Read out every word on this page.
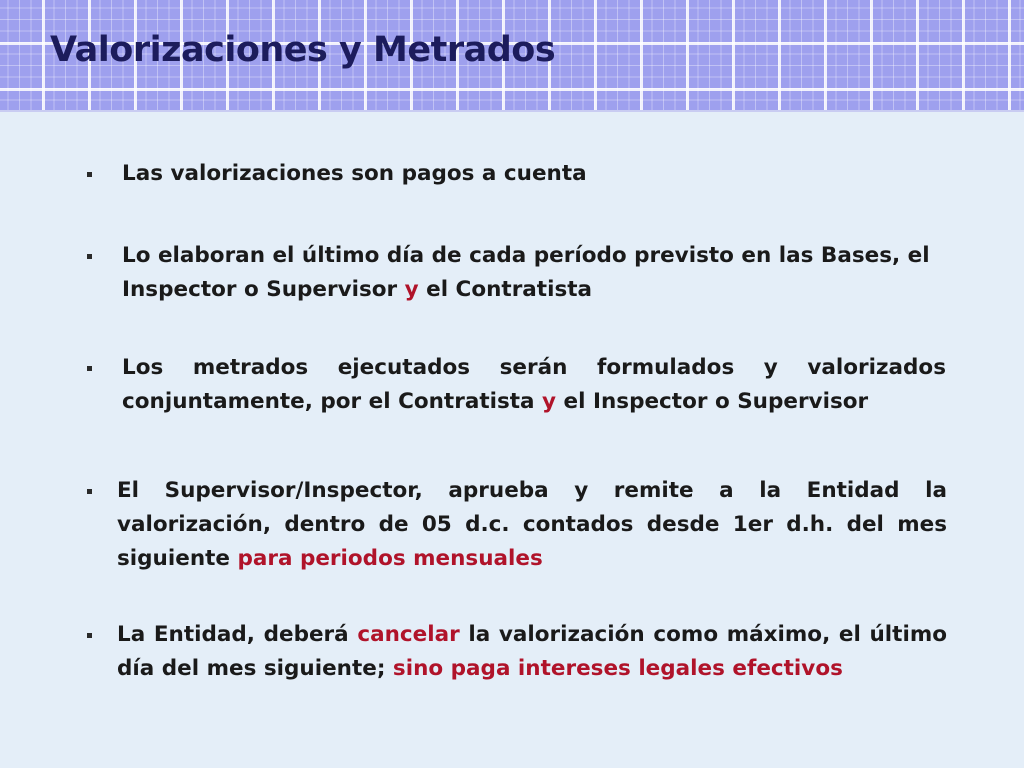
Valorizaciones y Metrados
Las valorizaciones son pagos a cuenta
Lo elaboran el último día de cada período previsto en las Bases, el Inspector o Supervisor y el Contratista
Los metrados ejecutados serán formulados y valorizados conjuntamente, por el Contratista y el Inspector o Supervisor
El Supervisor/Inspector, aprueba y remite a la Entidad la valorización, dentro de 05 d.c. contados desde 1er d.h. del mes siguiente para periodos mensuales
La Entidad, deberá cancelar la valorización como máximo, el último día del mes siguiente; sino paga intereses legales efectivos
